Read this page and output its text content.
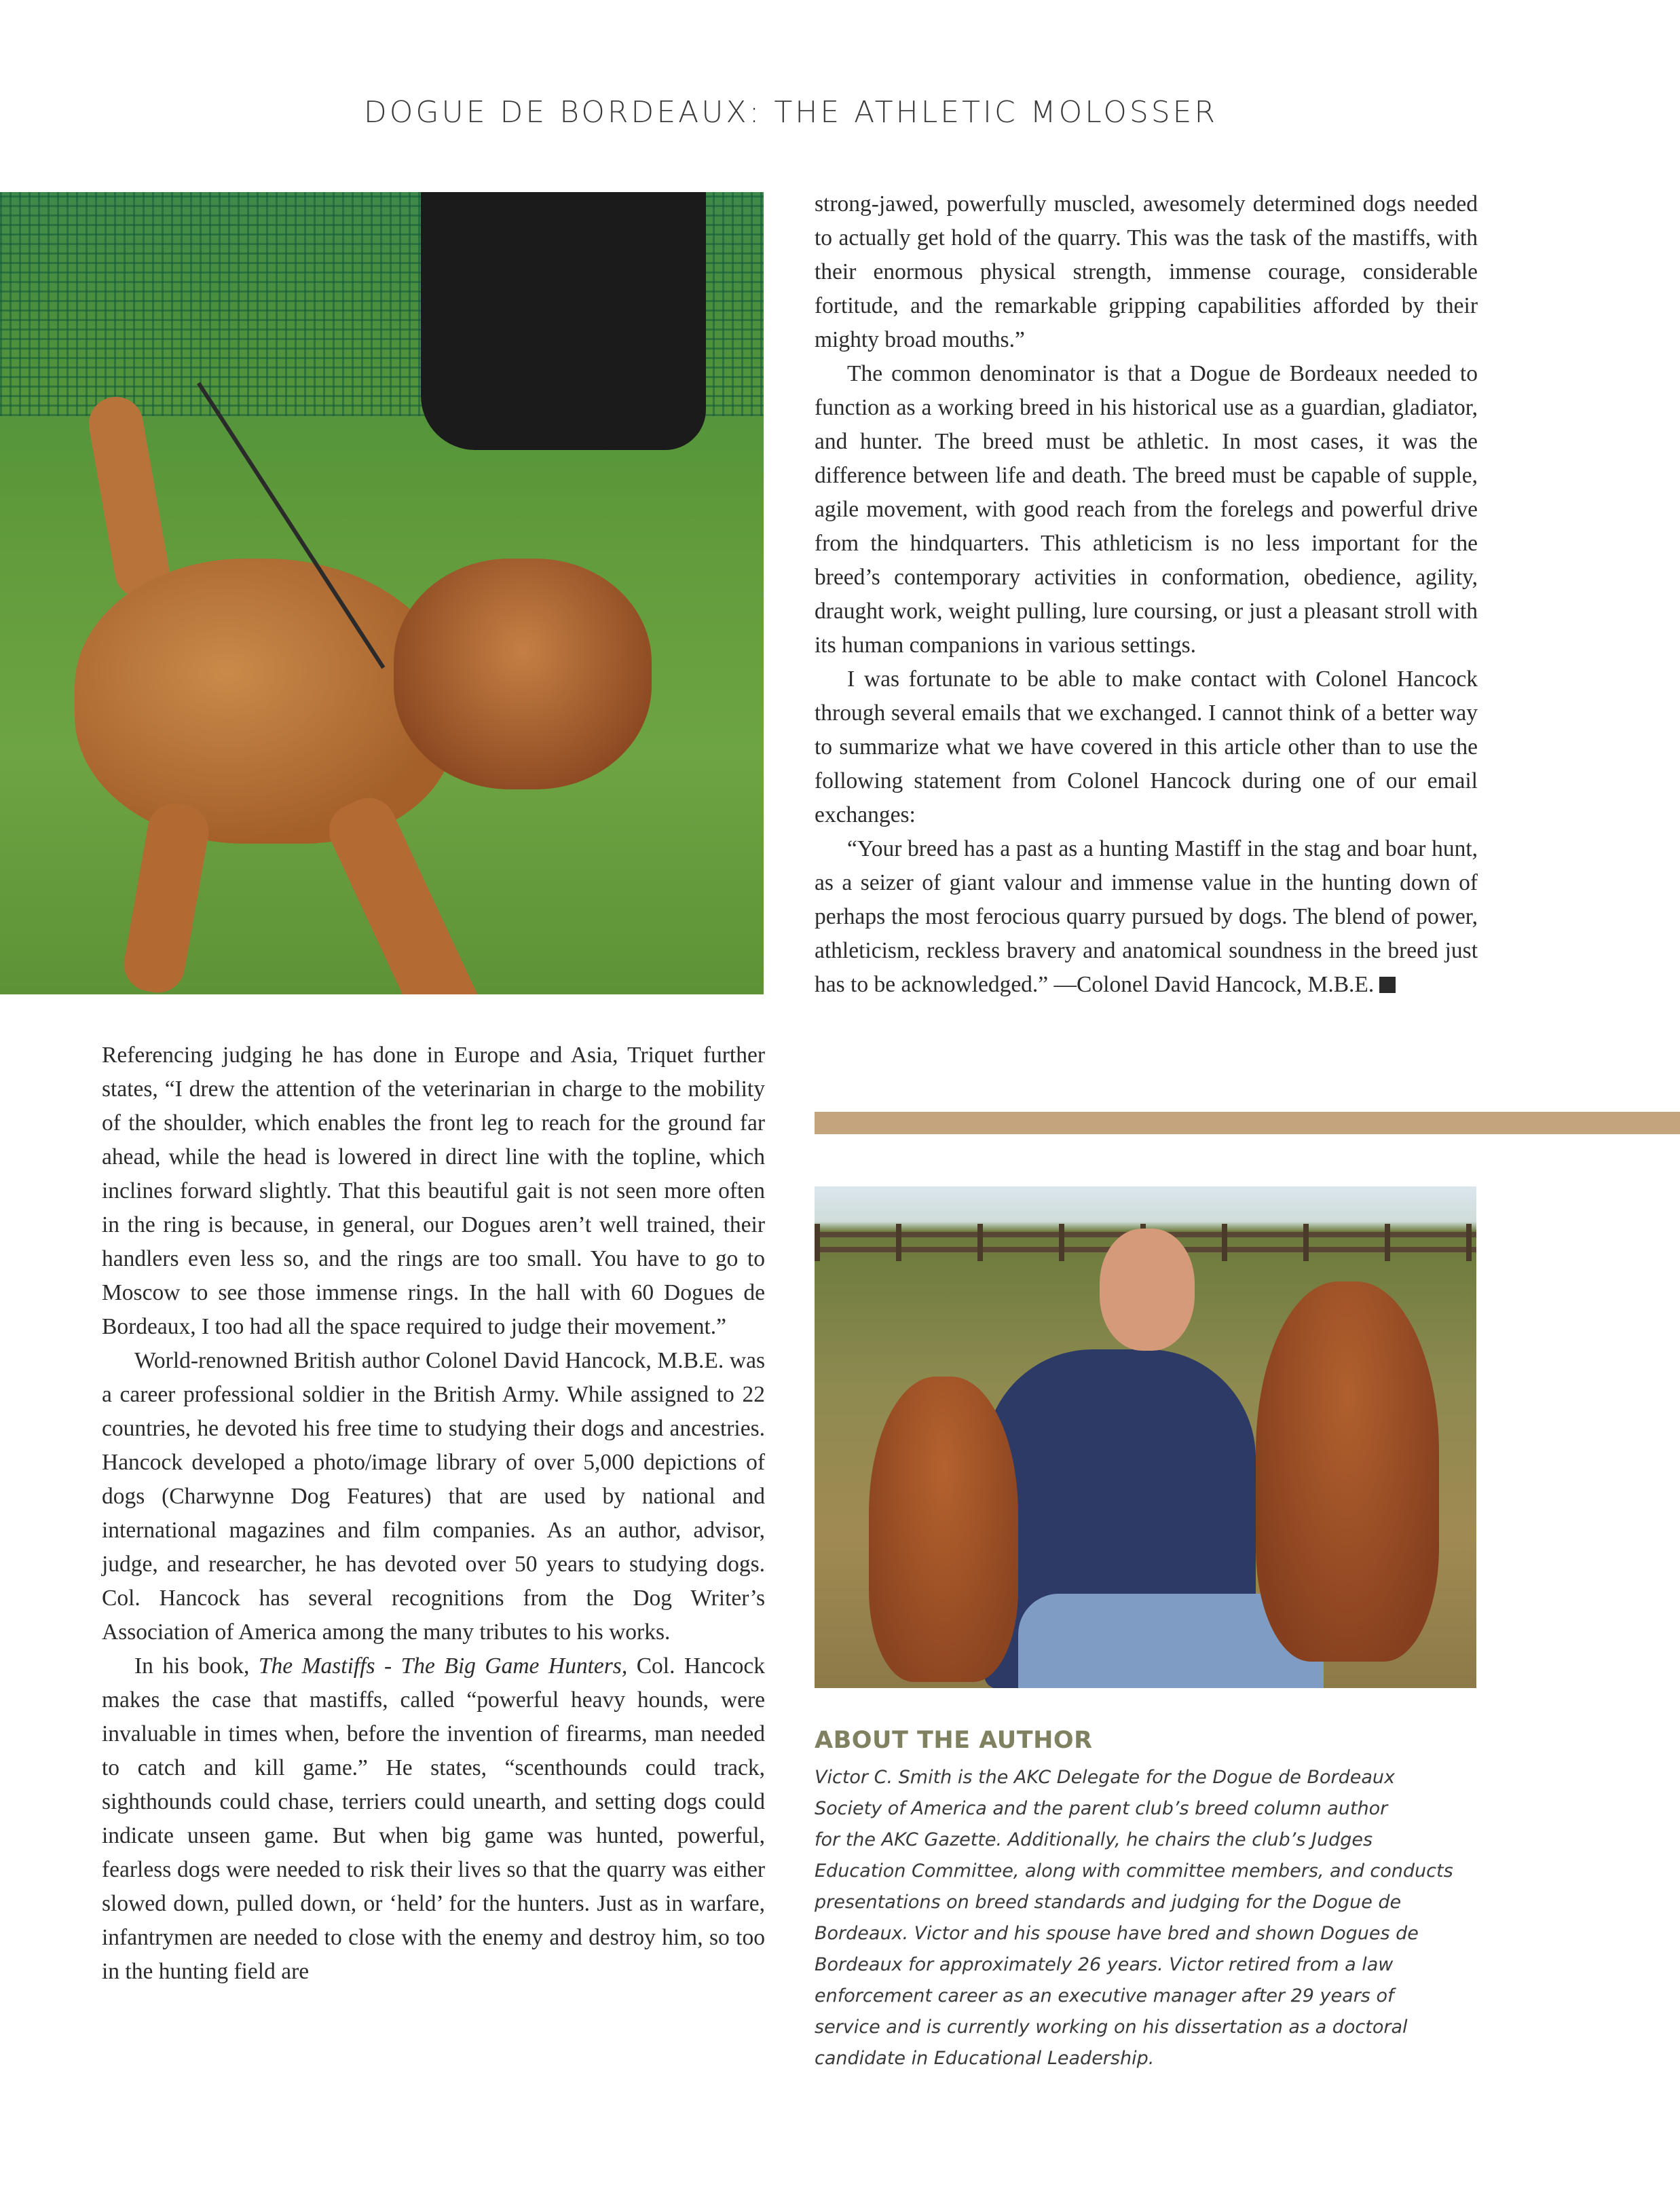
DOGUE DE BORDEAUX: THE ATHLETIC MOLOSSER

Referencing judging he has done in Europe and Asia, Triquet further states, “I drew the attention of the veterinarian in charge to the mobility of the shoulder, which enables the front leg to reach for the ground far ahead, while the head is lowered in direct line with the topline, which inclines forward slightly. That this beautiful gait is not seen more often in the ring is because, in general, our Dogues aren’t well trained, their handlers even less so, and the rings are too small. You have to go to Moscow to see those immense rings. In the hall with 60 Dogues de Bordeaux, I too had all the space required to judge their movement.”

World-renowned British author Colonel David Hancock, M.B.E. was a career professional soldier in the British Army. While assigned to 22 countries, he devoted his free time to studying their dogs and ancestries. Hancock developed a photo/image library of over 5,000 depictions of dogs (Charwynne Dog Features) that are used by national and international magazines and film companies. As an author, advisor, judge, and researcher, he has devoted over 50 years to studying dogs. Col. Hancock has several recognitions from the Dog Writer’s Association of America among the many tributes to his works.

In his book, The Mastiffs - The Big Game Hunters, Col. Hancock makes the case that mastiffs, called “powerful heavy hounds, were invaluable in times when, before the invention of firearms, man needed to catch and kill game.” He states, “scenthounds could track, sighthounds could chase, terriers could unearth, and setting dogs could indicate unseen game. But when big game was hunted, powerful, fearless dogs were needed to risk their lives so that the quarry was either slowed down, pulled down, or ‘held’ for the hunters. Just as in warfare, infantrymen are needed to close with the enemy and destroy him, so too in the hunting field are

strong-jawed, powerfully muscled, awesomely determined dogs needed to actually get hold of the quarry. This was the task of the mastiffs, with their enormous physical strength, immense courage, considerable fortitude, and the remarkable gripping capabilities afforded by their mighty broad mouths.”

The common denominator is that a Dogue de Bordeaux needed to function as a working breed in his historical use as a guardian, gladiator, and hunter. The breed must be athletic. In most cases, it was the difference between life and death. The breed must be capable of supple, agile movement, with good reach from the forelegs and powerful drive from the hindquarters. This athleticism is no less important for the breed’s contemporary activities in conformation, obedience, agility, draught work, weight pulling, lure coursing, or just a pleasant stroll with its human companions in various settings.

I was fortunate to be able to make contact with Colonel Hancock through several emails that we exchanged. I cannot think of a better way to summarize what we have covered in this article other than to use the following statement from Colonel Hancock during one of our email exchanges:

“Your breed has a past as a hunting Mastiff in the stag and boar hunt, as a seizer of giant valour and immense value in the hunting down of perhaps the most ferocious quarry pursued by dogs. The blend of power, athleticism, reckless bravery and anatomical soundness in the breed just has to be acknowledged.” —Colonel David Hancock, M.B.E.

ABOUT THE AUTHOR
Victor C. Smith is the AKC Delegate for the Dogue de Bordeaux
Society of America and the parent club’s breed column author
for the AKC Gazette. Additionally, he chairs the club’s Judges
Education Committee, along with committee members, and conducts
presentations on breed standards and judging for the Dogue de
Bordeaux. Victor and his spouse have bred and shown Dogues de
Bordeaux for approximately 26 years. Victor retired from a law
enforcement career as an executive manager after 29 years of
service and is currently working on his dissertation as a doctoral
candidate in Educational Leadership.
